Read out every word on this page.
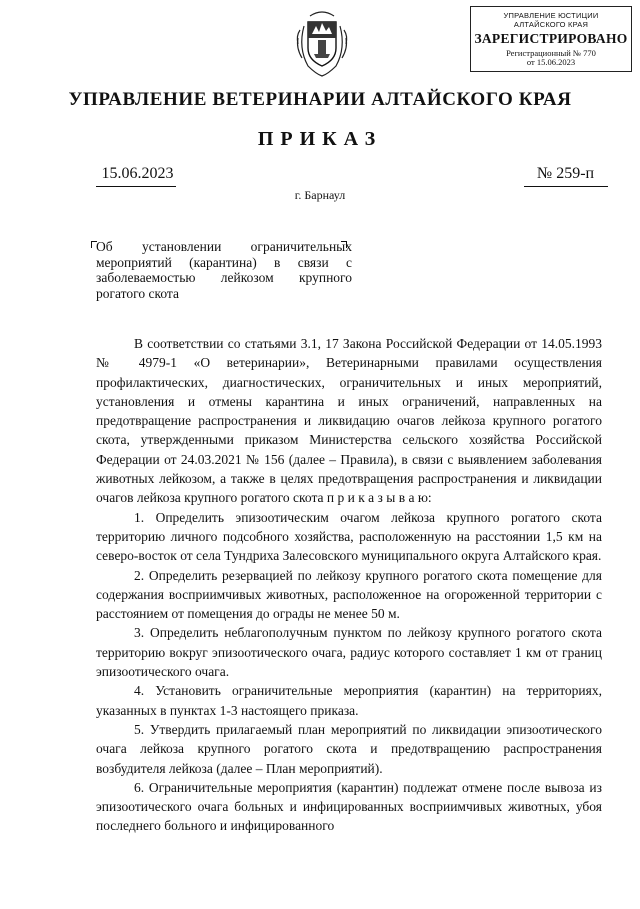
УПРАВЛЕНИЕ ЮСТИЦИИ
АЛТАЙСКОГО КРАЯ
ЗАРЕГИСТРИРОВАНО
Регистрационный № 770
от 15.06.2023
УПРАВЛЕНИЕ ВЕТЕРИНАРИИ АЛТАЙСКОГО КРАЯ
ПРИКАЗ
15.06.2023	№ 259-п
г. Барнаул
Об установлении ограничительных мероприятий (карантина) в связи с заболеваемостью лейкозом крупного рогатого скота

В соответствии со статьями 3.1, 17 Закона Российской Федерации от 14.05.1993 № 4979-1 «О ветеринарии», Ветеринарными правилами осуществления профилактических, диагностических, ограничительных и иных мероприятий, установления и отмены карантина и иных ограничений, направленных на предотвращение распространения и ликвидацию очагов лейкоза крупного рогатого скота, утвержденными приказом Министерства сельского хозяйства Российской Федерации от 24.03.2021 № 156 (далее – Правила), в связи с выявлением заболевания животных лейкозом, а также в целях предотвращения распространения и ликвидации очагов лейкоза крупного рогатого скота п р и к а з ы в а ю:

1. Определить эпизоотическим очагом лейкоза крупного рогатого скота территорию личного подсобного хозяйства, расположенную на расстоянии 1,5 км на северо-восток от села Тундриха Залесовского муниципального округа Алтайского края.

2. Определить резервацией по лейкозу крупного рогатого скота помещение для содержания восприимчивых животных, расположенное на огороженной территории с расстоянием от помещения до ограды не менее 50 м.

3. Определить неблагополучным пунктом по лейкозу крупного рогатого скота территорию вокруг эпизоотического очага, радиус которого составляет 1 км от границ эпизоотического очага.

4. Установить ограничительные мероприятия (карантин) на территориях, указанных в пунктах 1-3 настоящего приказа.

5. Утвердить прилагаемый план мероприятий по ликвидации эпизоотического очага лейкоза крупного рогатого скота и предотвращению распространения возбудителя лейкоза (далее – План мероприятий).

6. Ограничительные мероприятия (карантин) подлежат отмене после вывоза из эпизоотического очага больных и инфицированных восприимчивых животных, убоя последнего больного и инфицированного
